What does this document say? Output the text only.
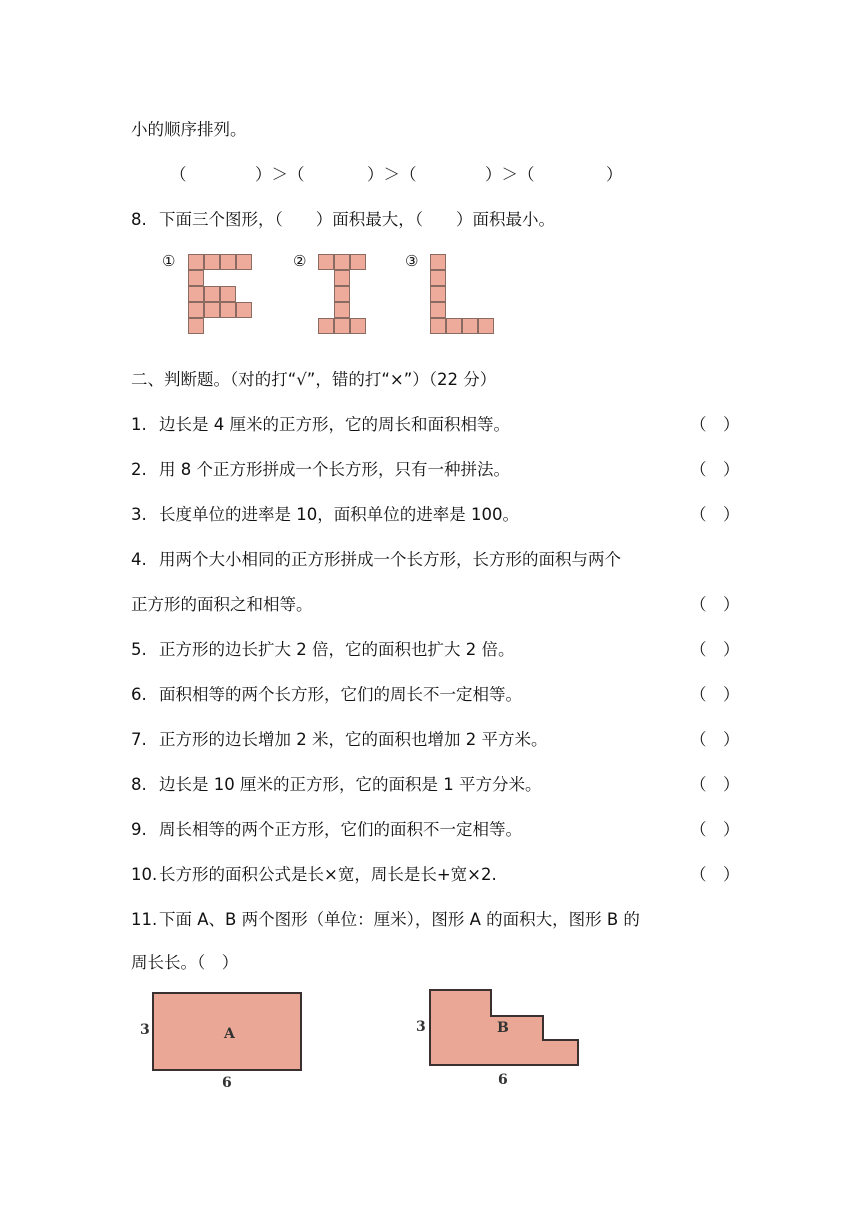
小的顺序排列。
（	）＞（	）＞（	）＞（	）
8. 下面三个图形，（　　）面积最大，（　　）面积最小。
①	②	③
二、判断题。（对的打“√”，错的打“×”）（22 分）
1. 边长是 4 厘米的正方形，它的周长和面积相等。	（　）
2. 用 8 个正方形拼成一个长方形，只有一种拼法。	（　）
3. 长度单位的进率是 10，面积单位的进率是 100。	（　）
4. 用两个大小相同的正方形拼成一个长方形，长方形的面积与两个
正方形的面积之和相等。	（　）
5. 正方形的边长扩大 2 倍，它的面积也扩大 2 倍。	（　）
6. 面积相等的两个长方形，它们的周长不一定相等。	（　）
7. 正方形的边长增加 2 米，它的面积也增加 2 平方米。	（　）
8. 边长是 10 厘米的正方形，它的面积是 1 平方分米。	（　）
9. 周长相等的两个正方形，它们的面积不一定相等。	（　）
10. 长方形的面积公式是长×宽，周长是长+宽×2.	（　）
11. 下面 A、B 两个图形（单位：厘米），图形 A 的面积大，图形 B 的
周长长。（　）
A
3
6
B
3
6
